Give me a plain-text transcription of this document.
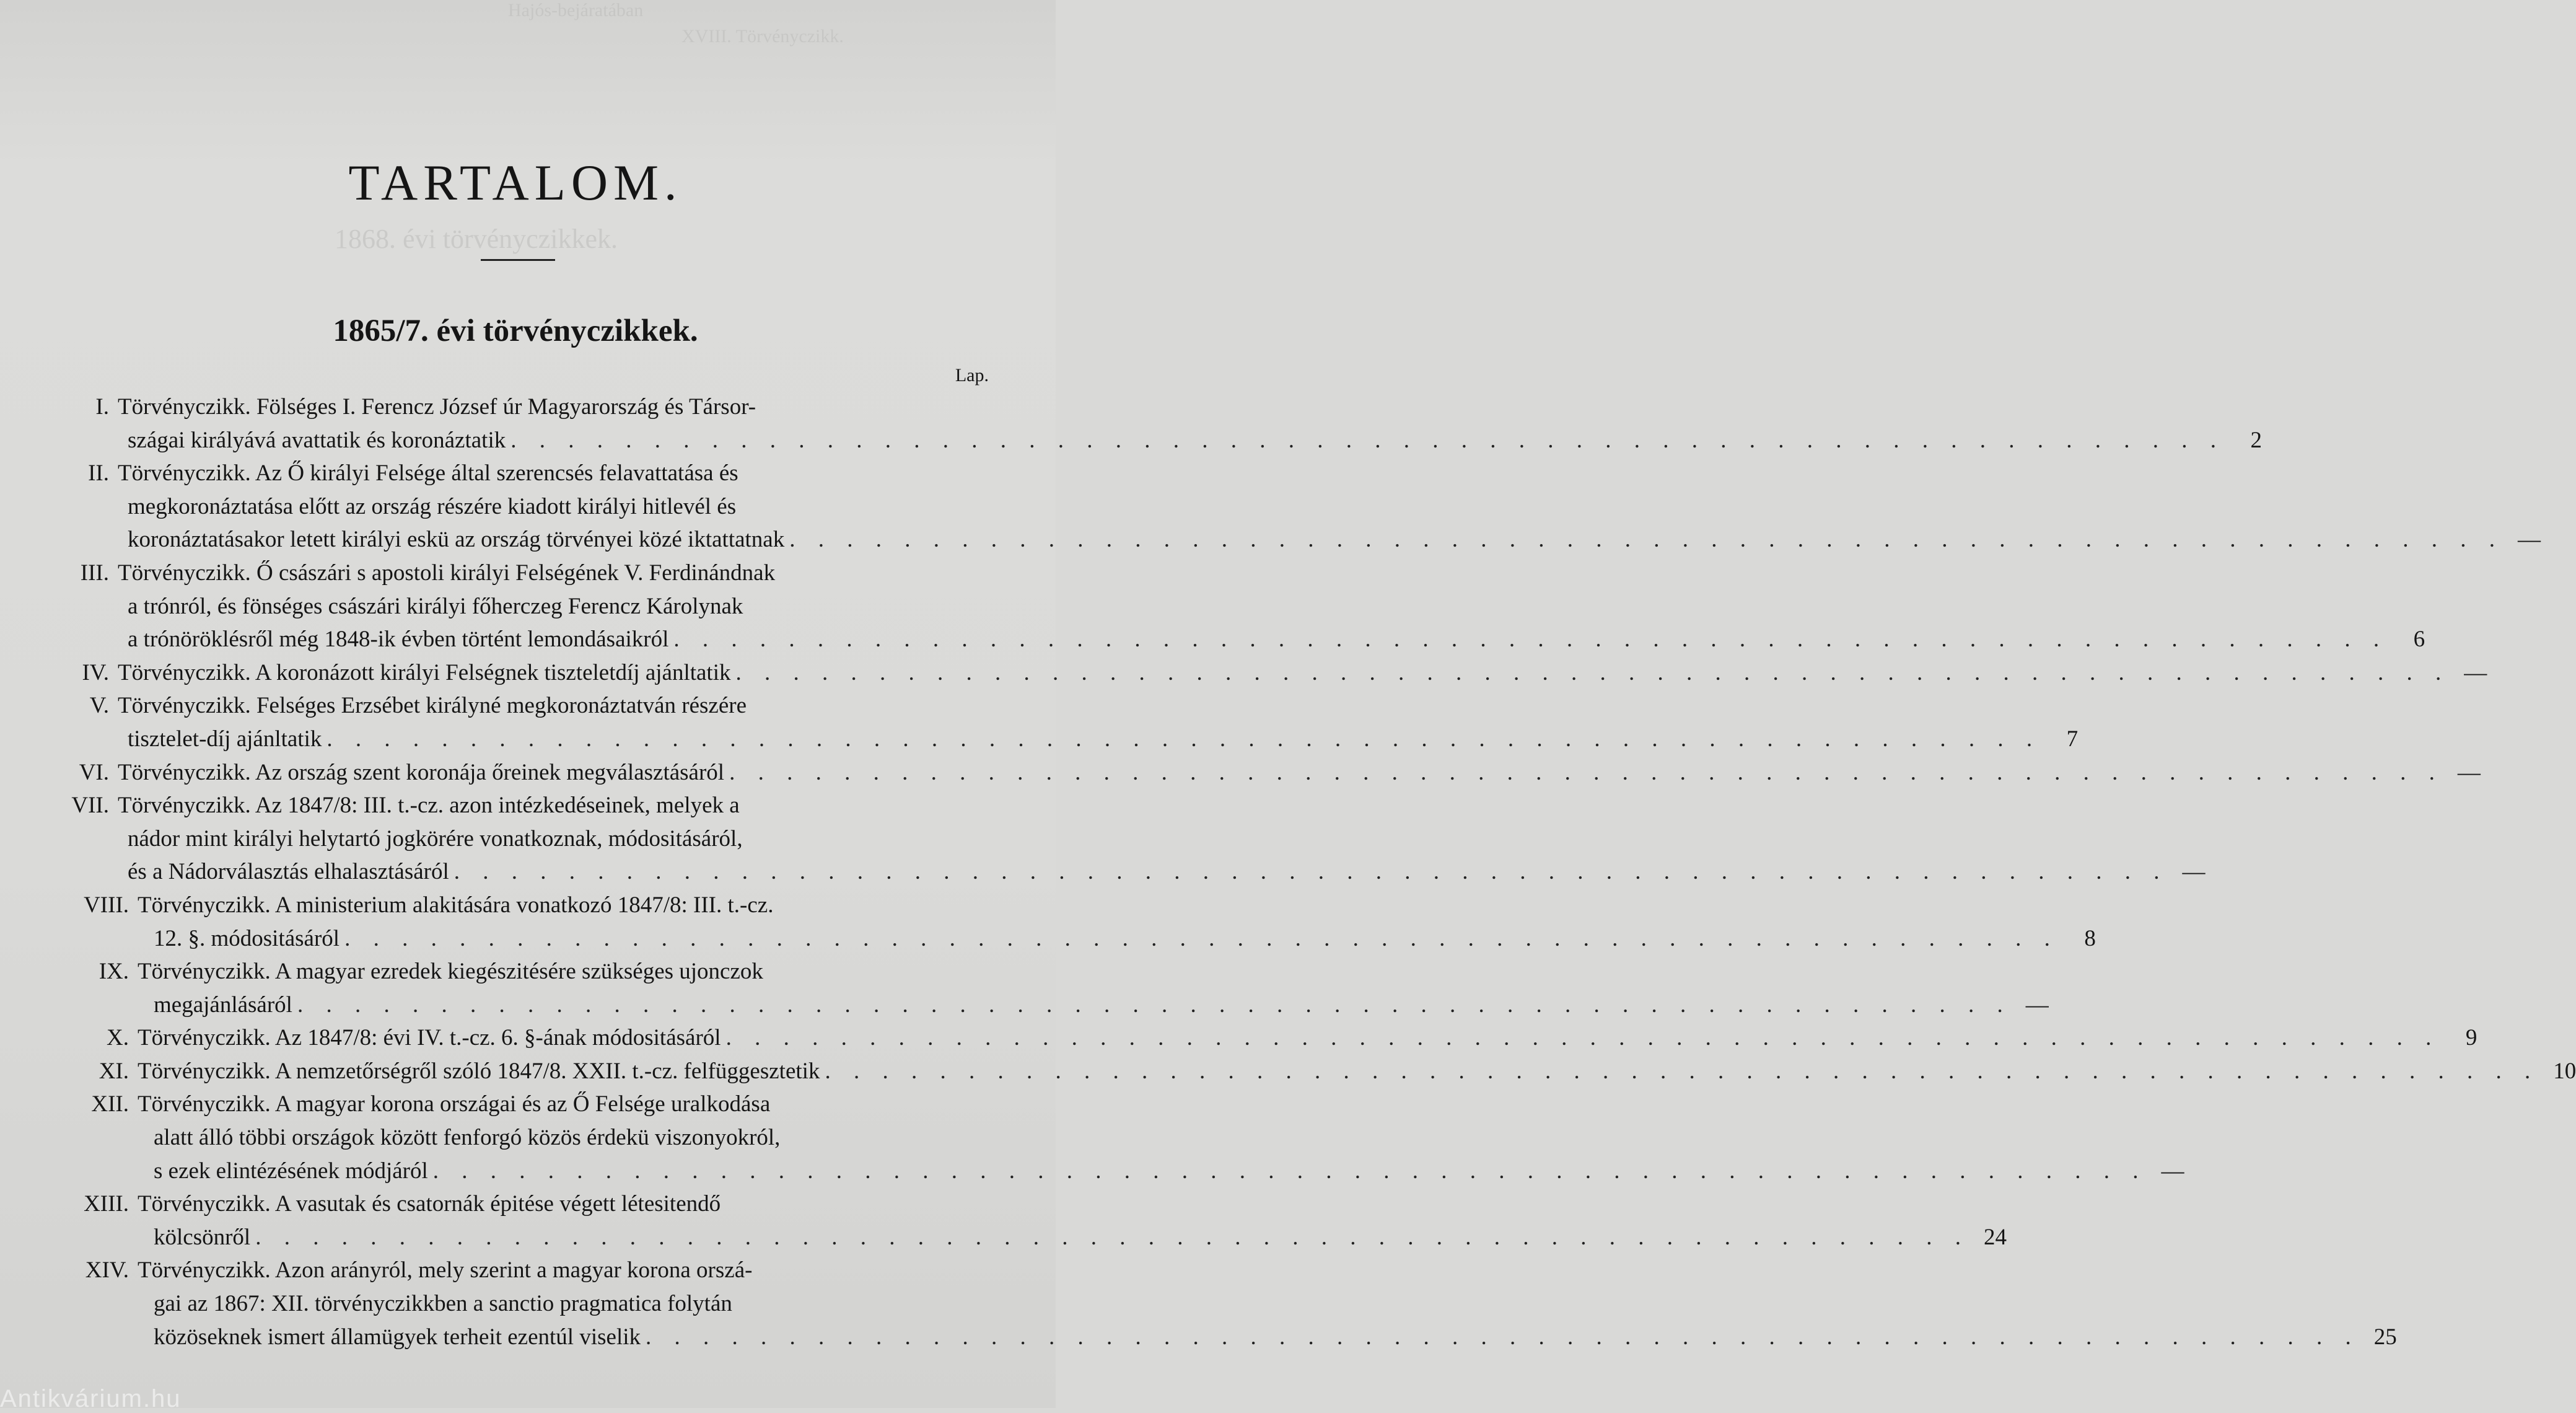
Hajós-bejáratában
XVIII. Törvényczikk.
1868. évi törvényczikkek.
TARTALOM.
1865/7. évi törvényczikkek.
Lap.
I. Törvényczikk. Fölséges I. Ferencz József úr Magyarország és Társor-
szágai királyává avattatik és koronáztatik . . . . . . . . . . . . . . . . . . . . . . . . . . . . . . . . . . . . . . . . . . . . . . . . . . . . . . . . . . . .	2
II. Törvényczikk. Az Ő királyi Felsége által szerencsés felavattatása és
megkoronáztatása előtt az ország részére kiadott királyi hitlevél és
koronáztatásakor letett királyi eskü az ország törvényei közé iktattatnak . . . . . . . . . . . . . . . . . . . . . . . . . . . . . . . . . . . . . . . . . . . . . . . . . . . . . . . . . . . . —
III. Törvényczikk. Ő császári s apostoli királyi Felségének V. Ferdinándnak
a trónról, és fönséges császári királyi főherczeg Ferencz Károlynak
a trónöröklésről még 1848-ik évben történt lemondásaikról . . . . . . . . . . . . . . . . . . . . . . . . . . . . . . . . . . . . . . . . . . . . . . . . . . . . . . . . . . . .	6
IV. Törvényczikk. A koronázott királyi Felségnek tiszteletdíj ajánltatik . . . . . . . . . . . . . . . . . . . . . . . . . . . . . . . . . . . . . . . . . . . . . . . . . . . . . . . . . . . . —
V. Törvényczikk. Felséges Erzsébet királyné megkoronáztatván részére
tisztelet-díj ajánltatik . . . . . . . . . . . . . . . . . . . . . . . . . . . . . . . . . . . . . . . . . . . . . . . . . . . . . . . . . . . .	7
VI. Törvényczikk. Az ország szent koronája őreinek megválasztásáról . . . . . . . . . . . . . . . . . . . . . . . . . . . . . . . . . . . . . . . . . . . . . . . . . . . . . . . . . . . . —
VII. Törvényczikk. Az 1847/8: III. t.-cz. azon intézkedéseinek, melyek a
nádor mint királyi helytartó jogkörére vonatkoznak, módositásáról,
és a Nádorválasztás elhalasztásáról . . . . . . . . . . . . . . . . . . . . . . . . . . . . . . . . . . . . . . . . . . . . . . . . . . . . . . . . . . . . —
VIII. Törvényczikk. A ministerium alakitására vonatkozó 1847/8: III. t.-cz.
12. §. módositásáról . . . . . . . . . . . . . . . . . . . . . . . . . . . . . . . . . . . . . . . . . . . . . . . . . . . . . . . . . . . .	8
IX. Törvényczikk. A magyar ezredek kiegészitésére szükséges ujonczok
megajánlásáról . . . . . . . . . . . . . . . . . . . . . . . . . . . . . . . . . . . . . . . . . . . . . . . . . . . . . . . . . . . . —
X. Törvényczikk. Az 1847/8: évi IV. t.-cz. 6. §-ának módositásáról . . . . . . . . . . . . . . . . . . . . . . . . . . . . . . . . . . . . . . . . . . . . . . . . . . . . . . . . . . . .	9
XI. Törvényczikk. A nemzetőrségről szóló 1847/8. XXII. t.-cz. felfüggesztetik . . . . . . . . . . . . . . . . . . . . . . . . . . . . . . . . . . . . . . . . . . . . . . . . . . . . . . . . . . . . 10
XII. Törvényczikk. A magyar korona országai és az Ő Felsége uralkodása
alatt álló többi országok között fenforgó közös érdekü viszonyokról,
s ezek elintézésének módjáról . . . . . . . . . . . . . . . . . . . . . . . . . . . . . . . . . . . . . . . . . . . . . . . . . . . . . . . . . . . . —
XIII. Törvényczikk. A vasutak és csatornák épitése végett létesitendő
kölcsönről . . . . . . . . . . . . . . . . . . . . . . . . . . . . . . . . . . . . . . . . . . . . . . . . . . . . . . . . . . . . 24
XIV. Törvényczikk. Azon arányról, mely szerint a magyar korona orszá-
gai az 1867: XII. törvényczikkben a sanctio pragmatica folytán
közöseknek ismert államügyek terheit ezentúl viselik . . . . . . . . . . . . . . . . . . . . . . . . . . . . . . . . . . . . . . . . . . . . . . . . . . . . . . . . . . . . 25
Antikvárium.hu
